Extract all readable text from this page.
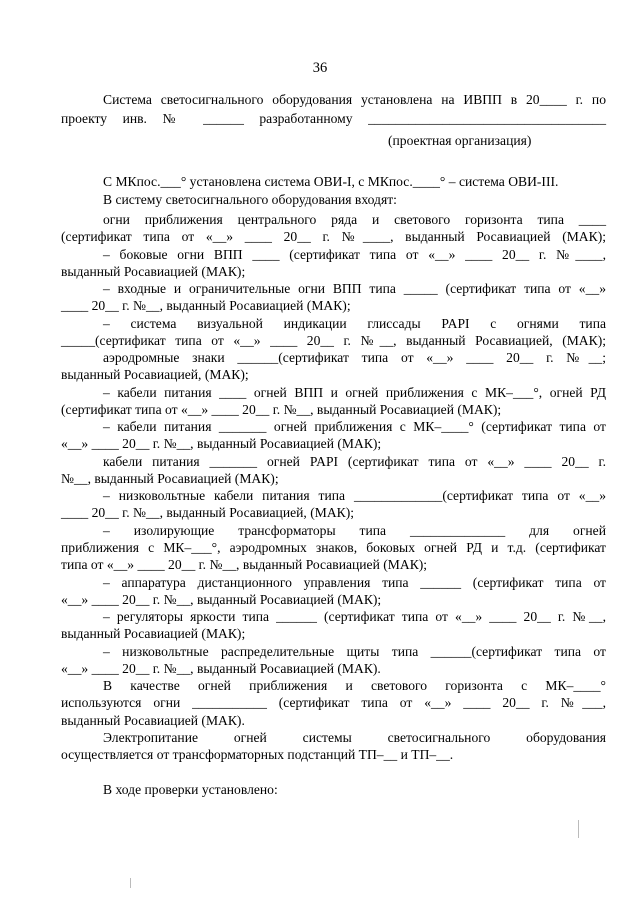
36
Система светосигнального оборудования установлена на ИВПП в 20____ г. по
проекту инв. № ______ разработанному ___________________________________
(проектная организация)
С МКпос.___° установлена система ОВИ-I, с МКпос.____° – система ОВИ-III.
В систему светосигнального оборудования входят:
огни приближения центрального ряда и светового горизонта типа ____
(сертификат типа от «__» ____ 20__ г. №____, выданный Росавиацией (МАК);
– боковые огни ВПП ____ (сертификат типа от «__» ____ 20__ г. №____,
выданный Росавиацией (МАК);
– входные и ограничительные огни ВПП типа _____ (сертификат типа от «__»
____ 20__ г. №__, выданный Росавиацией (МАК);
– система визуальной индикации глиссады PAPI с огнями типа
_____(сертификат типа от «__» ____ 20__ г. №__, выданный Росавиацией, (МАК);
аэродромные знаки ______(сертификат типа от «__» ____ 20__ г. №__;
выданный Росавиацией, (МАК);
– кабели питания ____ огней ВПП и огней приближения с МК–___°, огней РД
(сертификат типа от «__» ____ 20__ г. №__, выданный Росавиацией (МАК);
– кабели питания _______ огней приближения с МК–____° (сертификат типа от
«__» ____ 20__ г. №__, выданный Росавиацией (МАК);
кабели питания _______ огней PAPI (сертификат типа от «__» ____ 20__ г.
№__, выданный Росавиацией (МАК);
– низковольтные кабели питания типа _____________(сертификат типа от «__»
____ 20__ г. №__, выданный Росавиацией, (МАК);
– изолирующие трансформаторы типа ______________ для огней
приближения с МК–___°, аэродромных знаков, боковых огней РД и т.д. (сертификат
типа от «__» ____ 20__ г. №__, выданный Росавиацией (МАК);
– аппаратура дистанционного управления типа ______ (сертификат типа от
«__» ____ 20__ г. №__, выданный Росавиацией (МАК);
– регуляторы яркости типа ______ (сертификат типа от «__» ____ 20__ г. №__,
выданный Росавиацией (МАК);
– низковольтные распределительные щиты типа ______(сертификат типа от
«__» ____ 20__ г. №__, выданный Росавиацией (МАК).
В качестве огней приближения и светового горизонта с МК–____°
используются огни ___________ (сертификат типа от «__» ____ 20__ г. №___,
выданный Росавиацией (МАК).
Электропитание огней системы светосигнального оборудования
осуществляется от трансформаторных подстанций ТП–__ и ТП–__.
В ходе проверки установлено:
